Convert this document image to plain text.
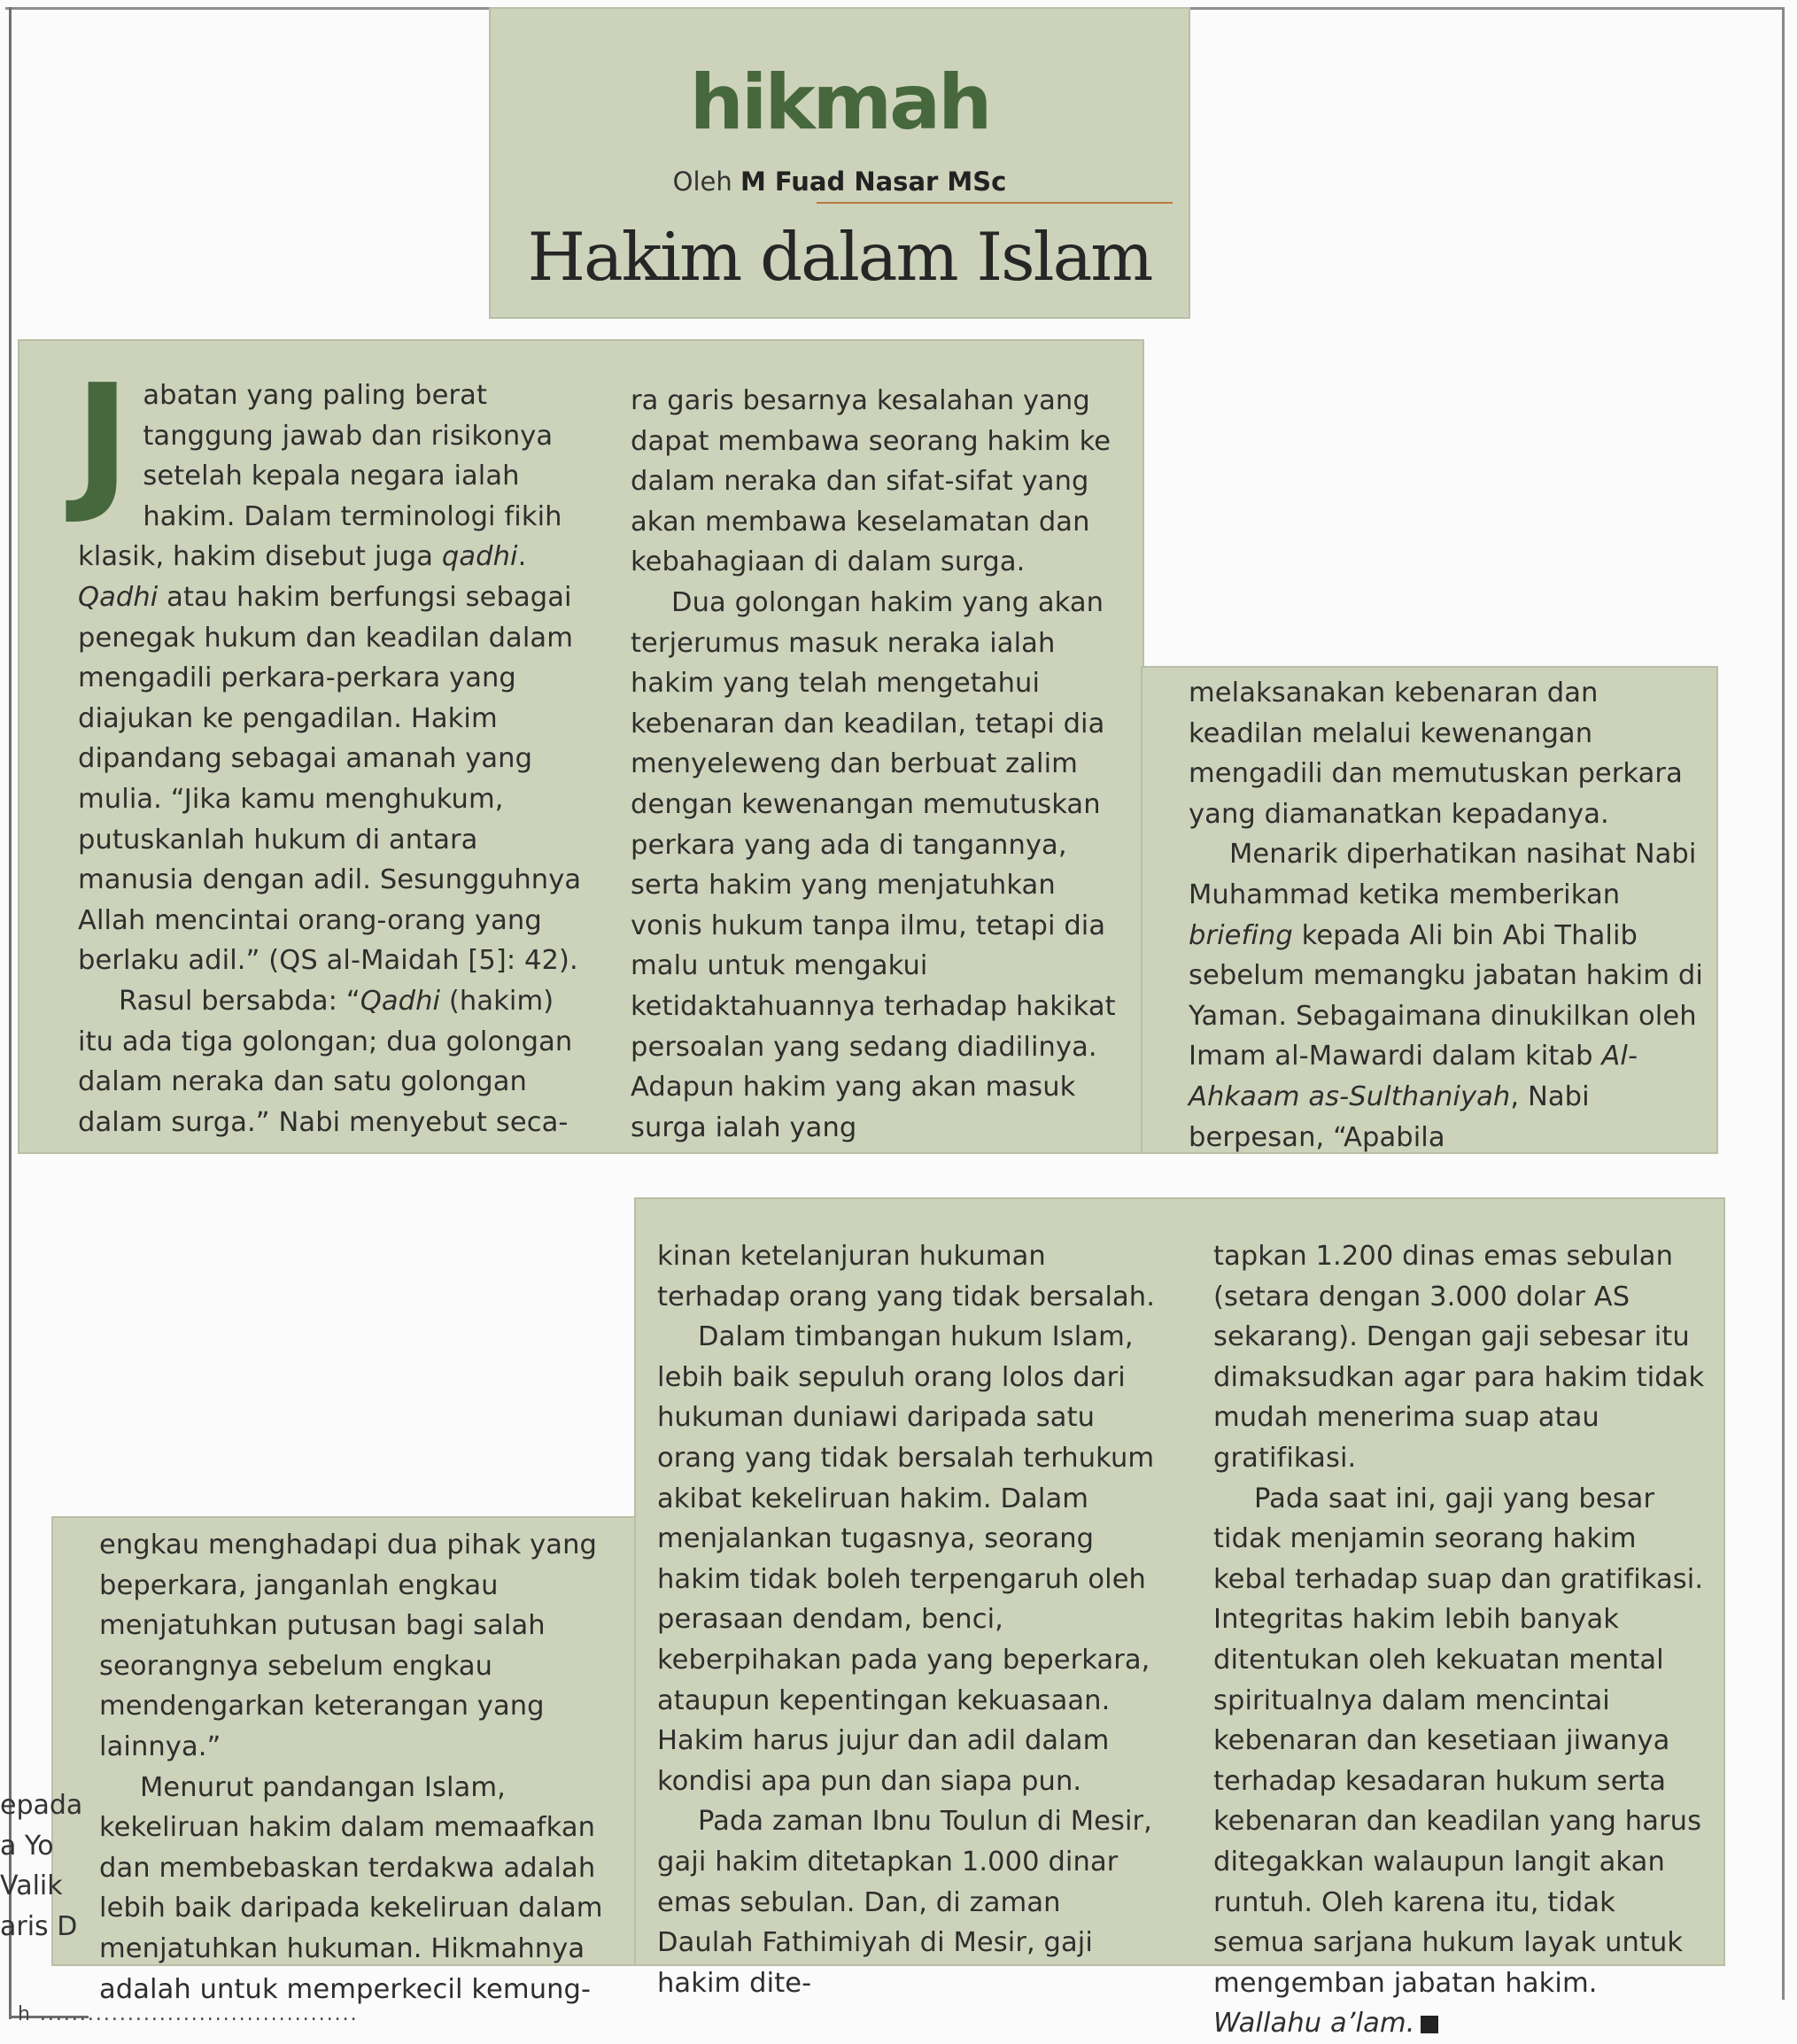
hikmah
Oleh M Fuad Nasar MSc
Hakim dalam Islam

Jabatan yang paling berat tanggung jawab dan risikonya setelah kepala negara ialah hakim. Dalam terminologi fikih klasik, hakim disebut juga qadhi. Qadhi atau hakim berfungsi sebagai penegak hukum dan keadilan dalam mengadili perkara-perkara yang diajukan ke pengadilan. Hakim dipandang sebagai amanah yang mulia. “Jika kamu menghukum, putuskanlah hukum di antara manusia dengan adil. Sesungguhnya Allah mencintai orang-orang yang berlaku adil.” (QS al-Maidah [5]: 42).

Rasul bersabda: “Qadhi (hakim) itu ada tiga golongan; dua golongan dalam neraka dan satu golongan dalam surga.” Nabi menyebut seca-

ra garis besarnya kesalahan yang dapat membawa seorang hakim ke dalam neraka dan sifat-sifat yang akan membawa keselamatan dan kebahagiaan di dalam surga.

Dua golongan hakim yang akan terjerumus masuk neraka ialah hakim yang telah mengetahui kebenaran dan keadilan, tetapi dia menyeleweng dan berbuat zalim dengan kewenangan memutuskan perkara yang ada di tangannya, serta hakim yang menjatuhkan vonis hukum tanpa ilmu, tetapi dia malu untuk mengakui ketidaktahuannya terhadap hakikat persoalan yang sedang diadilinya. Adapun hakim yang akan masuk surga ialah yang

melaksanakan kebenaran dan keadilan melalui kewenangan mengadili dan memutuskan perkara yang diamanatkan kepadanya.

Menarik diperhatikan nasihat Nabi Muhammad ketika memberikan briefing kepada Ali bin Abi Thalib sebelum memangku jabatan hakim di Yaman. Sebagaimana dinukilkan oleh Imam al-Mawardi dalam kitab Al-Ahkaam as-Sulthaniyah, Nabi berpesan, “Apabila

engkau menghadapi dua pihak yang beperkara, janganlah engkau menjatuhkan putusan bagi salah seorangnya sebelum engkau mendengarkan keterangan yang lainnya.”

Menurut pandangan Islam, kekeliruan hakim dalam memaafkan dan membebaskan terdakwa adalah lebih baik daripada kekeliruan dalam menjatuhkan hukuman. Hikmahnya adalah untuk memperkecil kemung-

kinan ketelanjuran hukuman terhadap orang yang tidak bersalah.

Dalam timbangan hukum Islam, lebih baik sepuluh orang lolos dari hukuman duniawi daripada satu orang yang tidak bersalah terhukum akibat kekeliruan hakim. Dalam menjalankan tugasnya, seorang hakim tidak boleh terpengaruh oleh perasaan dendam, benci, keberpihakan pada yang beperkara, ataupun kepentingan kekuasaan. Hakim harus jujur dan adil dalam kondisi apa pun dan siapa pun.

Pada zaman Ibnu Toulun di Mesir, gaji hakim ditetapkan 1.000 dinar emas sebulan. Dan, di zaman Daulah Fathimiyah di Mesir, gaji hakim dite-

tapkan 1.200 dinas emas sebulan (setara dengan 3.000 dolar AS sekarang). Dengan gaji sebesar itu dimaksudkan agar para hakim tidak mudah menerima suap atau gratifikasi.

Pada saat ini, gaji yang besar tidak menjamin seorang hakim kebal terhadap suap dan gratifikasi. Integritas hakim lebih banyak ditentukan oleh kekuatan mental spiritualnya dalam mencintai kebenaran dan kesetiaan jiwanya terhadap kesadaran hukum serta kebenaran dan keadilan yang harus ditegakkan walaupun langit akan runtuh. Oleh karena itu, tidak semua sarjana hukum layak untuk mengemban jabatan hakim.

Wallahu a’lam.

epada
a Yo
Valik
aris D
h ........................................
